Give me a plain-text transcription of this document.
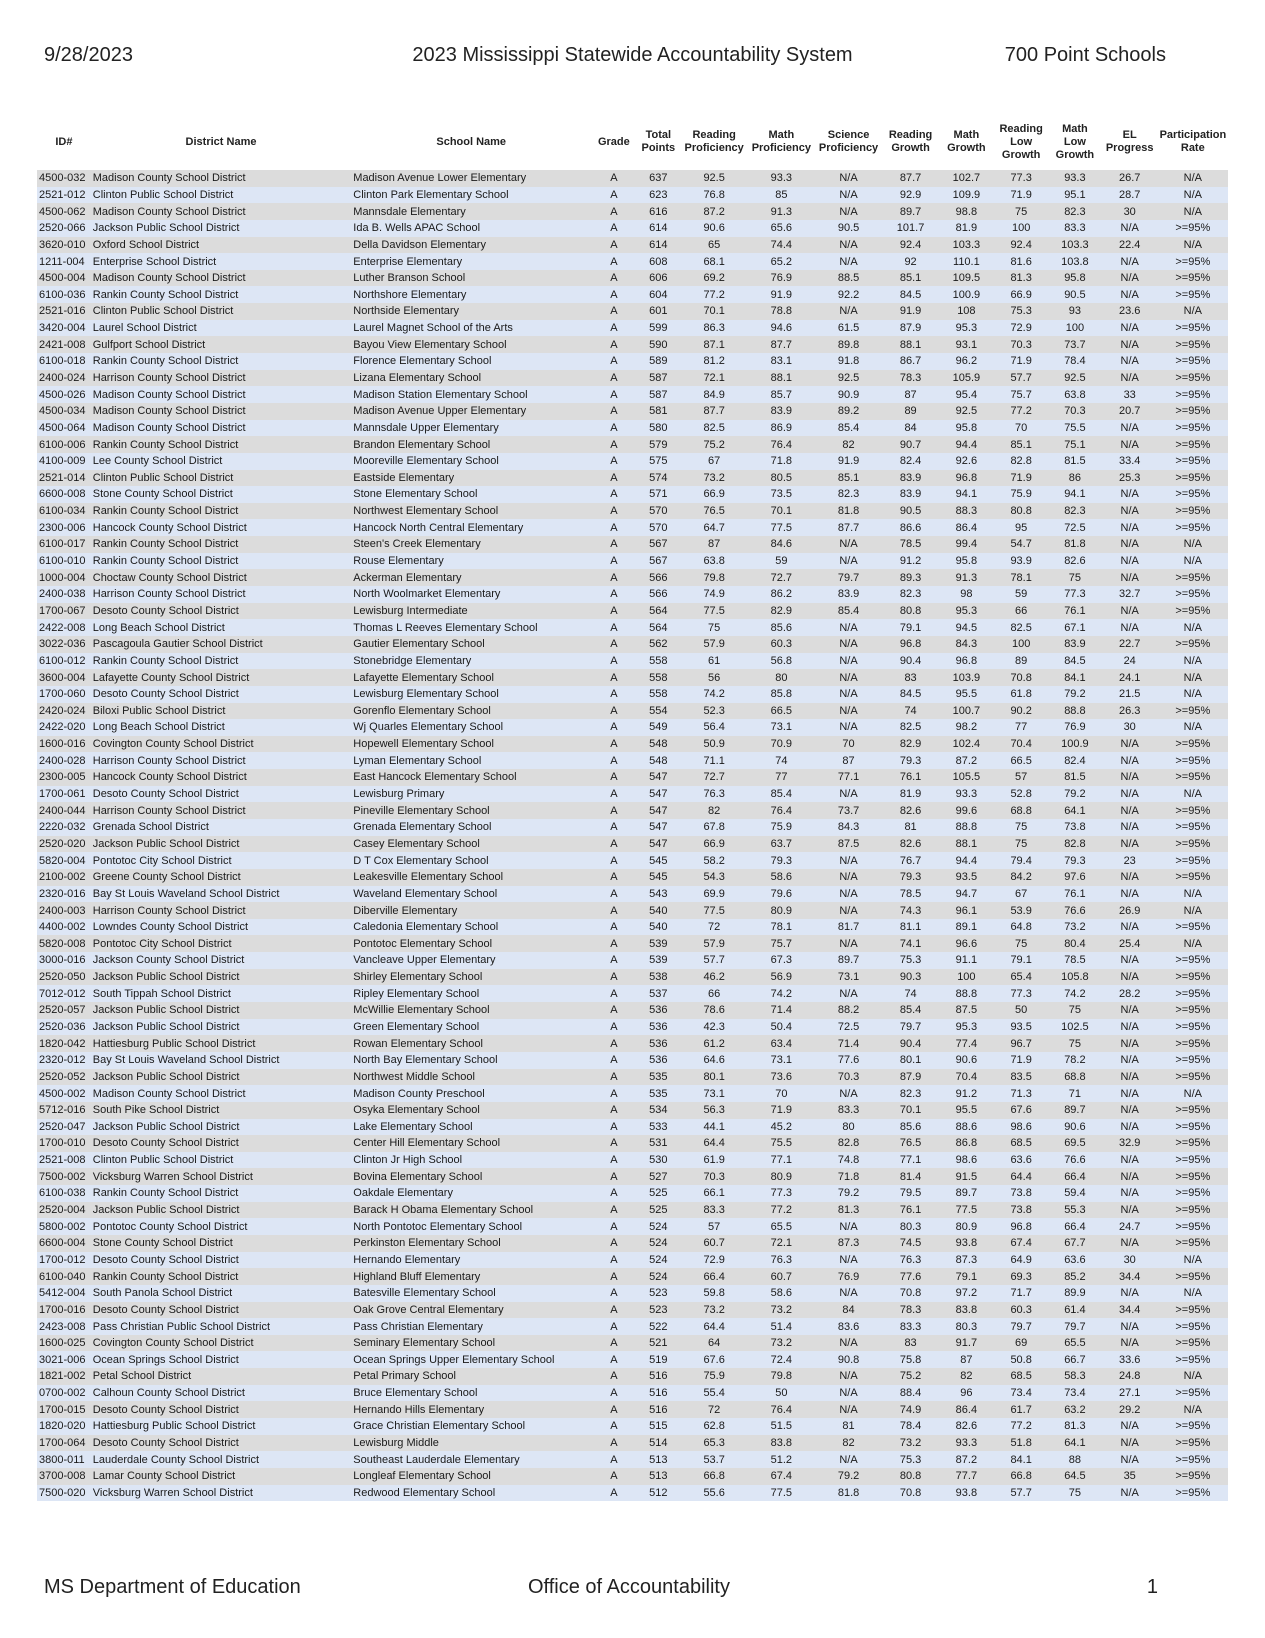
9/28/2023	2023 Mississippi Statewide Accountability System	700 Point Schools
ID#	District Name	School Name	Grade	Total Points	Reading Proficiency	Math Proficiency	Science Proficiency	Reading Growth	Math Growth	Reading Low Growth	Math Low Growth	EL Progress	Participation Rate
4500-032	Madison County School District	Madison Avenue Lower Elementary	A	637	92.5	93.3	N/A	87.7	102.7	77.3	93.3	26.7	N/A
2521-012	Clinton Public School District	Clinton Park Elementary School	A	623	76.8	85	N/A	92.9	109.9	71.9	95.1	28.7	N/A
4500-062	Madison County School District	Mannsdale Elementary	A	616	87.2	91.3	N/A	89.7	98.8	75	82.3	30	N/A
2520-066	Jackson Public School District	Ida B. Wells APAC School	A	614	90.6	65.6	90.5	101.7	81.9	100	83.3	N/A	>=95%
3620-010	Oxford School District	Della Davidson Elementary	A	614	65	74.4	N/A	92.4	103.3	92.4	103.3	22.4	N/A
1211-004	Enterprise School District	Enterprise Elementary	A	608	68.1	65.2	N/A	92	110.1	81.6	103.8	N/A	>=95%
4500-004	Madison County School District	Luther Branson School	A	606	69.2	76.9	88.5	85.1	109.5	81.3	95.8	N/A	>=95%
6100-036	Rankin County School District	Northshore Elementary	A	604	77.2	91.9	92.2	84.5	100.9	66.9	90.5	N/A	>=95%
2521-016	Clinton Public School District	Northside Elementary	A	601	70.1	78.8	N/A	91.9	108	75.3	93	23.6	N/A
3420-004	Laurel School District	Laurel Magnet School of the Arts	A	599	86.3	94.6	61.5	87.9	95.3	72.9	100	N/A	>=95%
2421-008	Gulfport School District	Bayou View Elementary School	A	590	87.1	87.7	89.8	88.1	93.1	70.3	73.7	N/A	>=95%
6100-018	Rankin County School District	Florence Elementary School	A	589	81.2	83.1	91.8	86.7	96.2	71.9	78.4	N/A	>=95%
2400-024	Harrison County School District	Lizana Elementary School	A	587	72.1	88.1	92.5	78.3	105.9	57.7	92.5	N/A	>=95%
4500-026	Madison County School District	Madison Station Elementary School	A	587	84.9	85.7	90.9	87	95.4	75.7	63.8	33	>=95%
4500-034	Madison County School District	Madison Avenue Upper Elementary	A	581	87.7	83.9	89.2	89	92.5	77.2	70.3	20.7	>=95%
4500-064	Madison County School District	Mannsdale Upper Elementary	A	580	82.5	86.9	85.4	84	95.8	70	75.5	N/A	>=95%
6100-006	Rankin County School District	Brandon Elementary School	A	579	75.2	76.4	82	90.7	94.4	85.1	75.1	N/A	>=95%
4100-009	Lee County School District	Mooreville Elementary School	A	575	67	71.8	91.9	82.4	92.6	82.8	81.5	33.4	>=95%
2521-014	Clinton Public School District	Eastside Elementary	A	574	73.2	80.5	85.1	83.9	96.8	71.9	86	25.3	>=95%
6600-008	Stone County School District	Stone Elementary School	A	571	66.9	73.5	82.3	83.9	94.1	75.9	94.1	N/A	>=95%
6100-034	Rankin County School District	Northwest Elementary School	A	570	76.5	70.1	81.8	90.5	88.3	80.8	82.3	N/A	>=95%
2300-006	Hancock County School District	Hancock North Central Elementary	A	570	64.7	77.5	87.7	86.6	86.4	95	72.5	N/A	>=95%
6100-017	Rankin County School District	Steen's Creek Elementary	A	567	87	84.6	N/A	78.5	99.4	54.7	81.8	N/A	N/A
6100-010	Rankin County School District	Rouse Elementary	A	567	63.8	59	N/A	91.2	95.8	93.9	82.6	N/A	N/A
1000-004	Choctaw County School District	Ackerman Elementary	A	566	79.8	72.7	79.7	89.3	91.3	78.1	75	N/A	>=95%
2400-038	Harrison County School District	North Woolmarket Elementary	A	566	74.9	86.2	83.9	82.3	98	59	77.3	32.7	>=95%
1700-067	Desoto County School District	Lewisburg Intermediate	A	564	77.5	82.9	85.4	80.8	95.3	66	76.1	N/A	>=95%
2422-008	Long Beach School District	Thomas L Reeves Elementary School	A	564	75	85.6	N/A	79.1	94.5	82.5	67.1	N/A	N/A
3022-036	Pascagoula Gautier School District	Gautier Elementary School	A	562	57.9	60.3	N/A	96.8	84.3	100	83.9	22.7	>=95%
6100-012	Rankin County School District	Stonebridge Elementary	A	558	61	56.8	N/A	90.4	96.8	89	84.5	24	N/A
3600-004	Lafayette County School District	Lafayette Elementary School	A	558	56	80	N/A	83	103.9	70.8	84.1	24.1	N/A
1700-060	Desoto County School District	Lewisburg Elementary School	A	558	74.2	85.8	N/A	84.5	95.5	61.8	79.2	21.5	N/A
2420-024	Biloxi Public School District	Gorenflo Elementary School	A	554	52.3	66.5	N/A	74	100.7	90.2	88.8	26.3	>=95%
2422-020	Long Beach School District	Wj Quarles Elementary School	A	549	56.4	73.1	N/A	82.5	98.2	77	76.9	30	N/A
1600-016	Covington County School District	Hopewell Elementary School	A	548	50.9	70.9	70	82.9	102.4	70.4	100.9	N/A	>=95%
2400-028	Harrison County School District	Lyman Elementary School	A	548	71.1	74	87	79.3	87.2	66.5	82.4	N/A	>=95%
2300-005	Hancock County School District	East Hancock Elementary School	A	547	72.7	77	77.1	76.1	105.5	57	81.5	N/A	>=95%
1700-061	Desoto County School District	Lewisburg Primary	A	547	76.3	85.4	N/A	81.9	93.3	52.8	79.2	N/A	N/A
2400-044	Harrison County School District	Pineville Elementary School	A	547	82	76.4	73.7	82.6	99.6	68.8	64.1	N/A	>=95%
2220-032	Grenada School District	Grenada Elementary School	A	547	67.8	75.9	84.3	81	88.8	75	73.8	N/A	>=95%
2520-020	Jackson Public School District	Casey Elementary School	A	547	66.9	63.7	87.5	82.6	88.1	75	82.8	N/A	>=95%
5820-004	Pontotoc City School District	D T Cox Elementary School	A	545	58.2	79.3	N/A	76.7	94.4	79.4	79.3	23	>=95%
2100-002	Greene County School District	Leakesville Elementary School	A	545	54.3	58.6	N/A	79.3	93.5	84.2	97.6	N/A	>=95%
2320-016	Bay St Louis Waveland School District	Waveland Elementary School	A	543	69.9	79.6	N/A	78.5	94.7	67	76.1	N/A	N/A
2400-003	Harrison County School District	Diberville Elementary	A	540	77.5	80.9	N/A	74.3	96.1	53.9	76.6	26.9	N/A
4400-002	Lowndes County School District	Caledonia Elementary School	A	540	72	78.1	81.7	81.1	89.1	64.8	73.2	N/A	>=95%
5820-008	Pontotoc City School District	Pontotoc Elementary School	A	539	57.9	75.7	N/A	74.1	96.6	75	80.4	25.4	N/A
3000-016	Jackson County School District	Vancleave Upper Elementary	A	539	57.7	67.3	89.7	75.3	91.1	79.1	78.5	N/A	>=95%
2520-050	Jackson Public School District	Shirley Elementary School	A	538	46.2	56.9	73.1	90.3	100	65.4	105.8	N/A	>=95%
7012-012	South Tippah School District	Ripley Elementary School	A	537	66	74.2	N/A	74	88.8	77.3	74.2	28.2	>=95%
2520-057	Jackson Public School District	McWillie Elementary School	A	536	78.6	71.4	88.2	85.4	87.5	50	75	N/A	>=95%
2520-036	Jackson Public School District	Green Elementary School	A	536	42.3	50.4	72.5	79.7	95.3	93.5	102.5	N/A	>=95%
1820-042	Hattiesburg Public School District	Rowan Elementary School	A	536	61.2	63.4	71.4	90.4	77.4	96.7	75	N/A	>=95%
2320-012	Bay St Louis Waveland School District	North Bay Elementary School	A	536	64.6	73.1	77.6	80.1	90.6	71.9	78.2	N/A	>=95%
2520-052	Jackson Public School District	Northwest Middle School	A	535	80.1	73.6	70.3	87.9	70.4	83.5	68.8	N/A	>=95%
4500-002	Madison County School District	Madison County Preschool	A	535	73.1	70	N/A	82.3	91.2	71.3	71	N/A	N/A
5712-016	South Pike School District	Osyka Elementary School	A	534	56.3	71.9	83.3	70.1	95.5	67.6	89.7	N/A	>=95%
2520-047	Jackson Public School District	Lake Elementary School	A	533	44.1	45.2	80	85.6	88.6	98.6	90.6	N/A	>=95%
1700-010	Desoto County School District	Center Hill Elementary School	A	531	64.4	75.5	82.8	76.5	86.8	68.5	69.5	32.9	>=95%
2521-008	Clinton Public School District	Clinton Jr High School	A	530	61.9	77.1	74.8	77.1	98.6	63.6	76.6	N/A	>=95%
7500-002	Vicksburg Warren School District	Bovina Elementary School	A	527	70.3	80.9	71.8	81.4	91.5	64.4	66.4	N/A	>=95%
6100-038	Rankin County School District	Oakdale Elementary	A	525	66.1	77.3	79.2	79.5	89.7	73.8	59.4	N/A	>=95%
2520-004	Jackson Public School District	Barack H Obama Elementary School	A	525	83.3	77.2	81.3	76.1	77.5	73.8	55.3	N/A	>=95%
5800-002	Pontotoc County School District	North Pontotoc Elementary School	A	524	57	65.5	N/A	80.3	80.9	96.8	66.4	24.7	>=95%
6600-004	Stone County School District	Perkinston Elementary School	A	524	60.7	72.1	87.3	74.5	93.8	67.4	67.7	N/A	>=95%
1700-012	Desoto County School District	Hernando Elementary	A	524	72.9	76.3	N/A	76.3	87.3	64.9	63.6	30	N/A
6100-040	Rankin County School District	Highland Bluff Elementary	A	524	66.4	60.7	76.9	77.6	79.1	69.3	85.2	34.4	>=95%
5412-004	South Panola School District	Batesville Elementary School	A	523	59.8	58.6	N/A	70.8	97.2	71.7	89.9	N/A	N/A
1700-016	Desoto County School District	Oak Grove Central Elementary	A	523	73.2	73.2	84	78.3	83.8	60.3	61.4	34.4	>=95%
2423-008	Pass Christian Public School District	Pass Christian Elementary	A	522	64.4	51.4	83.6	83.3	80.3	79.7	79.7	N/A	>=95%
1600-025	Covington County School District	Seminary Elementary School	A	521	64	73.2	N/A	83	91.7	69	65.5	N/A	>=95%
3021-006	Ocean Springs School District	Ocean Springs Upper Elementary School	A	519	67.6	72.4	90.8	75.8	87	50.8	66.7	33.6	>=95%
1821-002	Petal School District	Petal Primary School	A	516	75.9	79.8	N/A	75.2	82	68.5	58.3	24.8	N/A
0700-002	Calhoun County School District	Bruce Elementary School	A	516	55.4	50	N/A	88.4	96	73.4	73.4	27.1	>=95%
1700-015	Desoto County School District	Hernando Hills Elementary	A	516	72	76.4	N/A	74.9	86.4	61.7	63.2	29.2	N/A
1820-020	Hattiesburg Public School District	Grace Christian Elementary School	A	515	62.8	51.5	81	78.4	82.6	77.2	81.3	N/A	>=95%
1700-064	Desoto County School District	Lewisburg Middle	A	514	65.3	83.8	82	73.2	93.3	51.8	64.1	N/A	>=95%
3800-011	Lauderdale County School District	Southeast Lauderdale Elementary	A	513	53.7	51.2	N/A	75.3	87.2	84.1	88	N/A	>=95%
3700-008	Lamar County School District	Longleaf Elementary School	A	513	66.8	67.4	79.2	80.8	77.7	66.8	64.5	35	>=95%
7500-020	Vicksburg Warren School District	Redwood Elementary School	A	512	55.6	77.5	81.8	70.8	93.8	57.7	75	N/A	>=95%
MS Department of Education	Office of Accountability	1
